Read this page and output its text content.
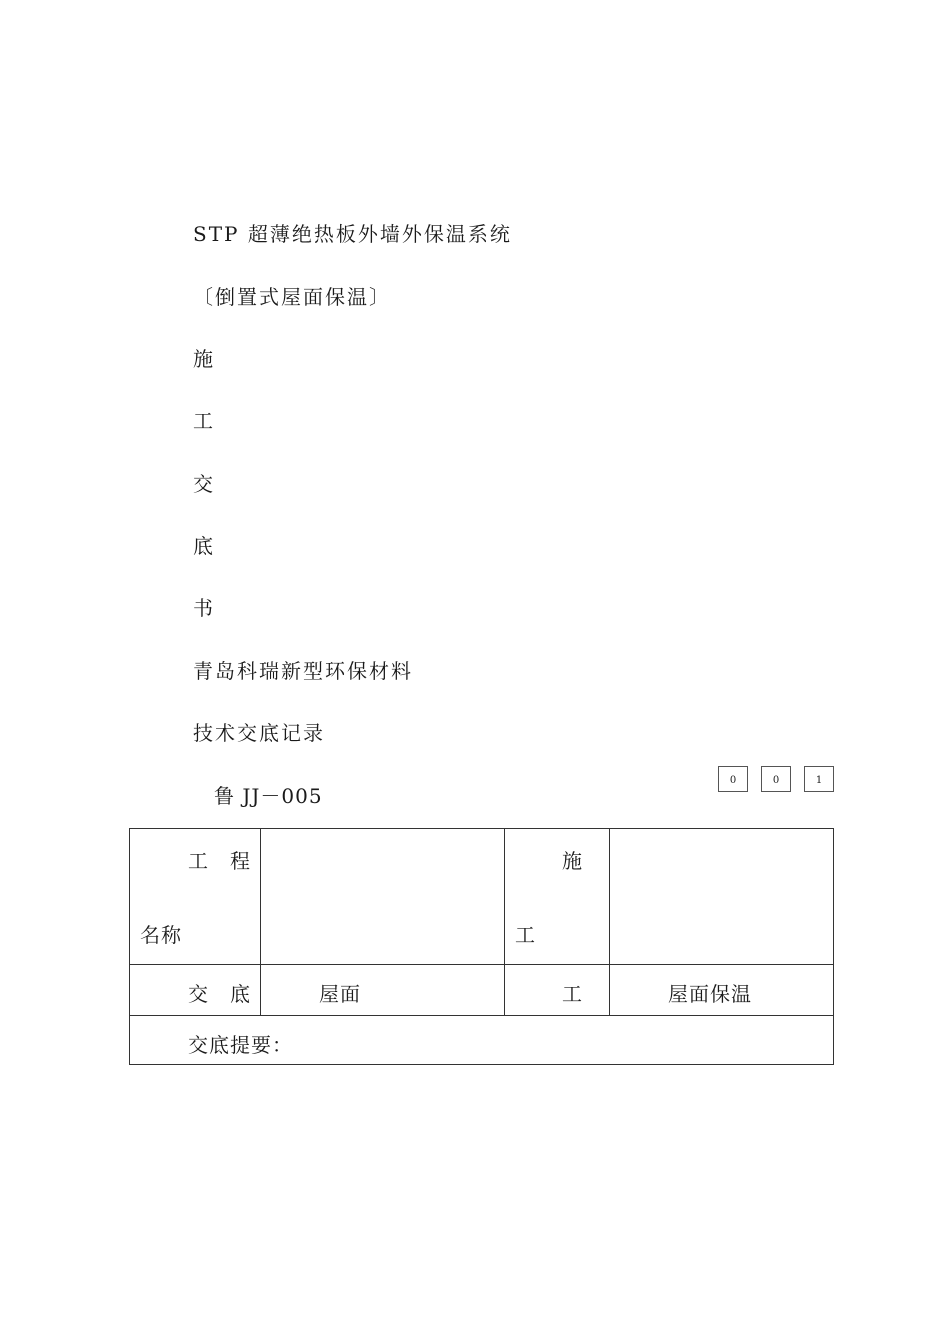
STP 超薄绝热板外墙外保温系统
〔倒置式屋面保温〕
施
工
交
底
书
青岛科瑞新型环保材料
技术交底记录
鲁 JJ－005
0	0	1
工　程
名称		施
工	

交　底	屋面	工	屋面保温

交底提要：			
